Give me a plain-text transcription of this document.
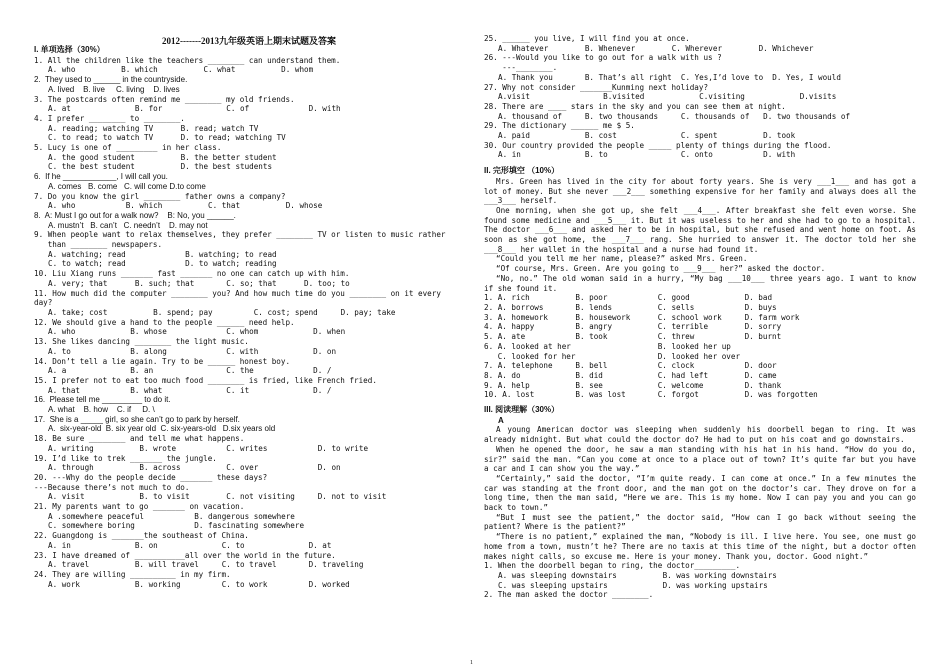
2012-------2013九年级英语上期末试题及答案
I. 单项选择（30%）
1. All the children like the teachers ________ can understand them.
A. who          B. which          C. what          D. whom
2.  They used to ______ in the countryside.
A. lived    B. live     C. living    D. lives
3. The postcards often remind me ________ my old friends.
A. at              B. for              C. of             D. with
4. I prefer ________ to ________.
A. reading; watching TV      B. read; watch TV
C. to read; to watch TV      D. to read; watching TV
5. Lucy is one of _________ in her class.
A. the good student          B. the better student
C. the best student          D. the best students
6.  If he ____________, I will call you.
A. comes   B. come   C. will come D.to come
7. Do you know the girl ________ father owns a company?
A. who           B. which          C. that          D. whose
8.  A: Must I go out for a walk now?    B: No, you ______.
A. mustn’t   B. can’t   C. needn’t    D. may not
9. When people want to relax themselves, they prefer ________ TV or listen to music rather
than ________ newspapers.
A. watching; read             B. watching; to read
C. to watch; read             D. to watch; reading
10. Liu Xiang runs _______ fast _______ no one can catch up with him.
A. very; that      B. such; that       C. so; that      D. too; to
11. How much did the computer ________ you? And how much time do you ________ on it every
day?
A. take; cost          B. spend; pay         C. cost; spend     D. pay; take
12. We should give a hand to the people ______ need help.
A. who            B. whose             C. whom            D. when
13. She likes dancing ________ the light music.
A. to             B. along             C. with            D. on
14. Don’t tell a lie again. Try to be ______ honest boy.
A. a              B. an                C. the             D. /
15. I prefer not to eat too much food ________ is fried, like French fried.
A. that           B. what              C. it              D. /
16.  Please tell me _________ to do it.
A. what    B. how    C. if     D. \
17.  She is a _____ girl, so she can’t go to park by herself.
A.  six-year-old  B. six year old  C. six-years-old   D.six years old
18. Be sure ________ and tell me what happens.
A. writing          B. wrote           C. writes           D. to write
19. I’d like to trek _______ the jungle.
A. through          B. across          C. over             D. on
20. ---Why do the people decide _______ these days?
---Because there’s not much to do.
A. visit            B. to visit        C. not visiting     D. not to visit
21. My parents want to go _______ on vacation.
A .somewhere peaceful           B. dangerous somewhere
C. somewhere boring             D. fascinating somewhere
22. Guangdong is _______the southeast of China.
A. in              B. on              C. to              D. at
23. I have dreamed of ___________all over the world in the future.
A. travel          B. will travel     C. to travel       D. traveling
24. They are willing __________ in my firm.
A. work            B. working         C. to work         D. worked
25. ______ you live, I will find you at once.
A. Whatever        B. Whenever        C. Wherever        D. Whichever
26. ---Would you like to go out for a walk with us ?
---________.
A. Thank you       B. That’s all right  C. Yes,I’d love to  D. Yes, I would
27. Why not consider _______Kunming next holiday?
A.visit                B.visited            C.visiting            D.visits
28. There are ____ stars in the sky and you can see them at night.
A. thousand of     B. two thousands     C. thousands of   D. two thousands of
29. The dictionary ______ me $ 5.
A. paid            B. cost              C. spent          D. took
30. Our country provided the people _____ plenty of things during the flood.
A. in              B. to                C. onto           D. with
II. 完形填空 （10%）
Mrs. Green has lived in the city for about forty years. She is very ___1___ and has got a lot of money. But she never ___2___ something expensive for her family and always does all the ___3___ herself.
One morning, when she got up, she felt ___4___. After breakfast she felt even worse. She found some medicine and ___5___ it. But it was useless to her and she had to go to a hospital. The doctor ___6___ and asked her to be in hospital, but she refused and went home on foot. As soon as she got home, the ___7___ rang. She hurried to answer it. The doctor told her she ___8___ her wallet in the hospital and a nurse had found it.
“Could you tell me her name, please?” asked Mrs. Green.
“Of course, Mrs. Green. Are you going to ___9___ her?” asked the doctor.
“No, no.” The old woman said in a hurry, “My bag ___10___ three years ago. I want to know if she found it.
1. A. rich          B. poor           C. good            D. bad
2. A. borrows       B. lends          C. sells           D. buys
3. A. homework      B. housework      C. school work     D. farm work
4. A. happy         B. angry          C. terrible        D. sorry
5. A. ate           B. took           C. threw           D. burnt
6. A. looked at her                   B. looked her up
C. looked for her                  D. looked her over
7. A. telephone     B. bell           C. clock           D. door
8. A. do            B. did            C. had left        D. came
9. A. help          B. see            C. welcome         D. thank
10. A. lost         B. was lost       C. forgot          D. was forgotten
III. 阅读理解（30%）
A
A young American doctor was sleeping when suddenly his doorbell began to ring. It was already midnight. But what could the doctor do? He had to put on his coat and go downstairs.
When he opened the door, he saw a man standing with his hat in his hand. “How do you do, sir?” said the man. “Can you come at once to a place out of town? It’s quite far but you have a car and I can show you the way.”
“Certainly,” said the doctor, “I’m quite ready. I can come at once.” In a few minutes the car was standing at the front door, and the man got on the doctor’s car. They drove on for a long time, then the man said, “Here we are. This is my home. Now I can pay you and you can go back to town.”
“But I must see the patient,” the doctor said, “How can I go back without seeing the patient? Where is the patient?”
“There is no patient,” explained the man, “Nobody is ill. I live here. You see, one must go home from a town, mustn’t he? There are no taxis at this time of the night, but a doctor often makes night calls, so excuse me. Here is your money. Thank you, doctor. Good night.”
1. When the doorbell began to ring, the doctor_________.
A. was sleeping downstairs          B. was working downstairs
C. was sleeping upstairs            D. was working upstairs
2. The man asked the doctor ________.
1
